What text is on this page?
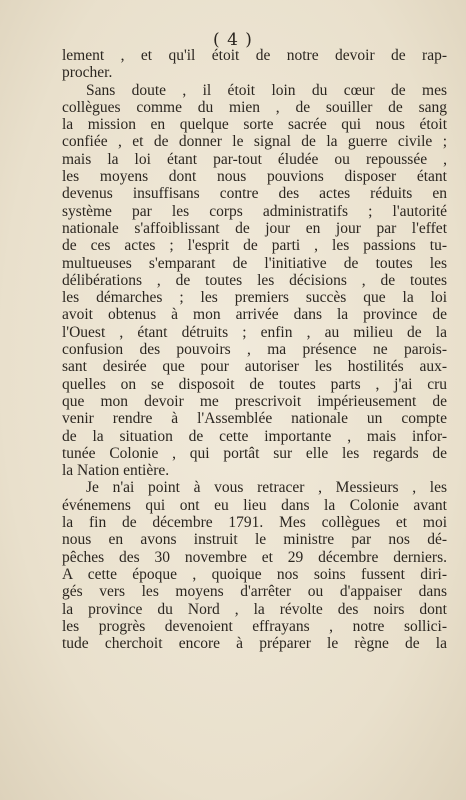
( 4 )
lement , et qu'il étoit de notre devoir de rap-
procher.
Sans doute , il étoit loin du cœur de mes
collègues comme du mien , de souiller de sang
la mission en quelque sorte sacrée qui nous étoit
confiée , et de donner le signal de la guerre civile ;
mais la loi étant par-tout éludée ou repoussée ,
les moyens dont nous pouvions disposer étant
devenus insuffisans contre des actes réduits en
système par les corps administratifs ; l'autorité
nationale s'affoiblissant de jour en jour par l'effet
de ces actes ; l'esprit de parti , les passions tu-
multueuses s'emparant de l'initiative de toutes les
délibérations , de toutes les décisions , de toutes
les démarches ; les premiers succès que la loi
avoit obtenus à mon arrivée dans la province de
l'Ouest , étant détruits ; enfin , au milieu de la
confusion des pouvoirs , ma présence ne parois-
sant desirée que pour autoriser les hostilités aux-
quelles on se disposoit de toutes parts , j'ai cru
que mon devoir me prescrivoit impérieusement de
venir rendre à l'Assemblée nationale un compte
de la situation de cette importante , mais infor-
tunée Colonie , qui portât sur elle les regards de
la Nation entière.
Je n'ai point à vous retracer , Messieurs , les
événemens qui ont eu lieu dans la Colonie avant
la fin de décembre 1791. Mes collègues et moi
nous en avons instruit le ministre par nos dé-
pêches des 30 novembre et 29 décembre derniers.
A cette époque , quoique nos soins fussent diri-
gés vers les moyens d'arrêter ou d'appaiser dans
la province du Nord , la révolte des noirs dont
les progrès devenoient effrayans , notre sollici-
tude cherchoit encore à préparer le règne de la
